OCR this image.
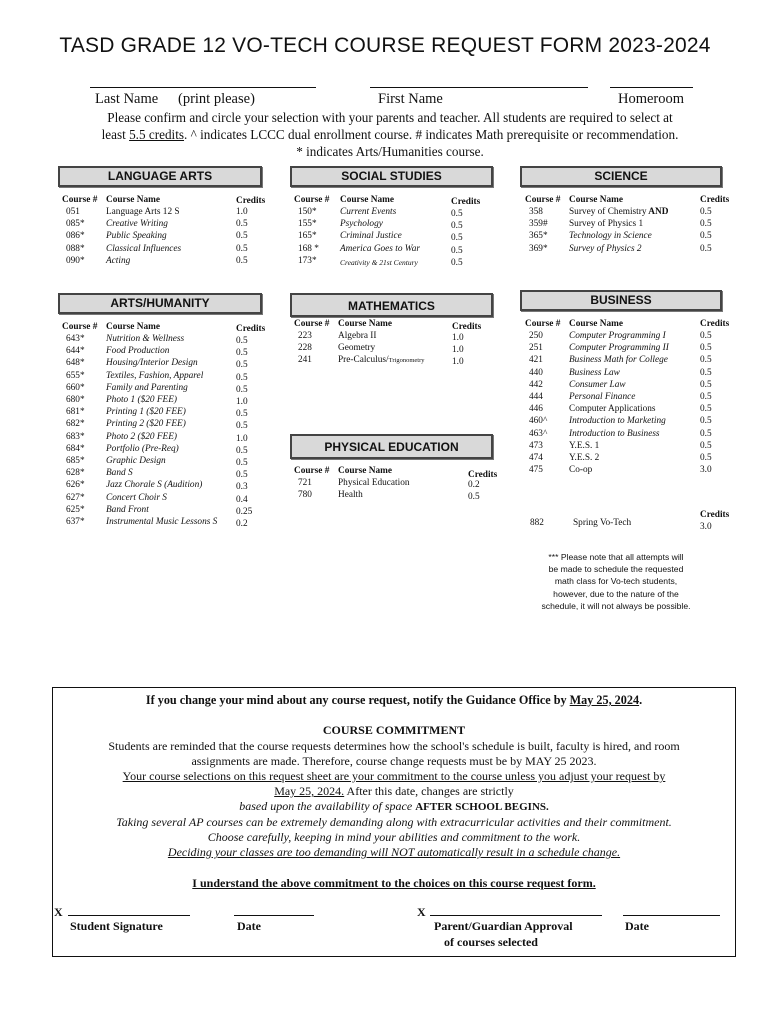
TASD GRADE 12 VO-TECH COURSE REQUEST FORM 2023-2024
Last Name (print please)	First Name	Homeroom
Please confirm and circle your selection with your parents and teacher. All students are required to select at
least 5.5 credits. ^ indicates LCCC dual enrollment course. # indicates Math prerequisite or recommendation.
* indicates Arts/Humanities course.
LANGUAGE ARTS	SOCIAL STUDIES	SCIENCE
ARTS/HUMANITY	MATHEMATICS	BUSINESS
PHYSICAL EDUCATION
Course # Course Name	Credits
051	Language Arts 12 S	1.0
085* Creative Writing	0.5
086* Public Speaking	0.5
088* Classical Influences	0.5
090* Acting	0.5
Course # Course Name	Credits
150*	Current Events	0.5
155*	Psychology	0.5
165*	Criminal Justice	0.5
168 * America Goes to War	0.5
173*	Creativity & 21st Century	0.5
Course # Course Name	Credits
358	Survey of Chemistry AND	0.5
359# Survey of Physics 1	0.5
365* Technology in Science	0.5
369* Survey of Physics 2	0.5
Course # Course Name	Credits
643* Nutrition & Wellness	0.5
644* Food Production	0.5
648* Housing/Interior Design	0.5
655* Textiles, Fashion, Apparel	0.5
660* Family and Parenting	0.5
680* Photo 1 ($20 FEE)	1.0
681* Printing 1 ($20 FEE)	0.5
682* Printing 2 ($20 FEE)	0.5
683* Photo 2 ($20 FEE)	1.0
684* Portfolio (Pre-Req)	0.5
685* Graphic Design	0.5
628* Band S	0.5
626* Jazz Chorale S (Audition)	0.3
627* Concert Choir S	0.4
625* Band Front	0.25
637* Instrumental Music Lessons S 0.2
Course # Course Name	Credits
223	Algebra II	1.0
228	Geometry	1.0
241	Pre-Calculus/Trigonometry	1.0
Course # Course Name	Credits
721	Physical Education	0.2
780	Health	0.5
Course # Course Name	Credits
250	Computer Programming I	0.5
251	Computer Programming II	0.5
421	Business Math for College	0.5
440	Business Law	0.5
442	Consumer Law	0.5
444	Personal Finance	0.5
446	Computer Applications	0.5
460^ Introduction to Marketing	0.5
463^ Introduction to Business	0.5
473	Y.E.S. 1	0.5
474	Y.E.S. 2	0.5
475	Co-op	3.0
Credits
882	Spring Vo-Tech	3.0
*** Please note that all attempts will
be made to schedule the requested
math class for Vo-tech students,
however, due to the nature of the
schedule, it will not always be possible.
If you change your mind about any course request, notify the Guidance Office by May 25, 2024.
COURSE COMMITMENT
Students are reminded that the course requests determines how the school's schedule is built, faculty is hired, and room
assignments are made. Therefore, course change requests must be by MAY 25 2023.
Your course selections on this request sheet are your commitment to the course unless you adjust your request by
May 25, 2024. After this date, changes are strictly
based upon the availability of space AFTER SCHOOL BEGINS.
Taking several AP courses can be extremely demanding along with extracurricular activities and their commitment.
Choose carefully, keeping in mind your abilities and commitment to the work.
Deciding your classes are too demanding will NOT automatically result in a schedule change.
I understand the above commitment to the choices on this course request form.
X	X
Student Signature	Date	Parent/Guardian Approval
of courses selected
Date
